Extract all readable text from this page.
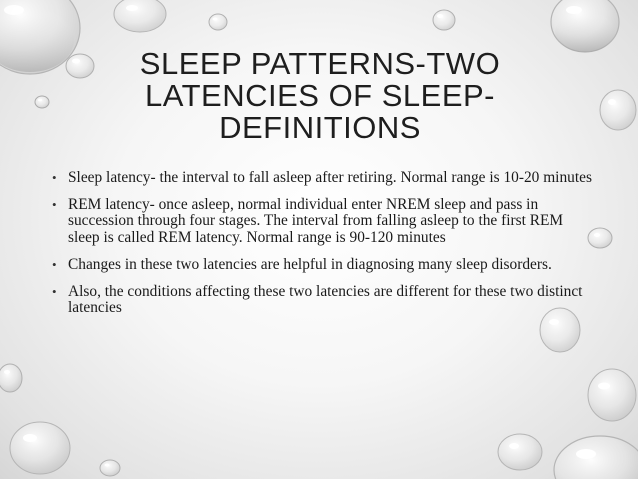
SLEEP PATTERNS-TWO
LATENCIES OF SLEEP-
DEFINITIONS
• Sleep latency- the interval to fall asleep after retiring. Normal range is 10-20 minutes
• REM latency- once asleep, normal individual enter NREM sleep and pass in succession through four stages. The interval from falling asleep to the first REM sleep is called REM latency. Normal range is 90-120 minutes
• Changes in these two latencies are helpful in diagnosing many sleep disorders.
• Also, the conditions affecting these two latencies are different for these two distinct latencies
